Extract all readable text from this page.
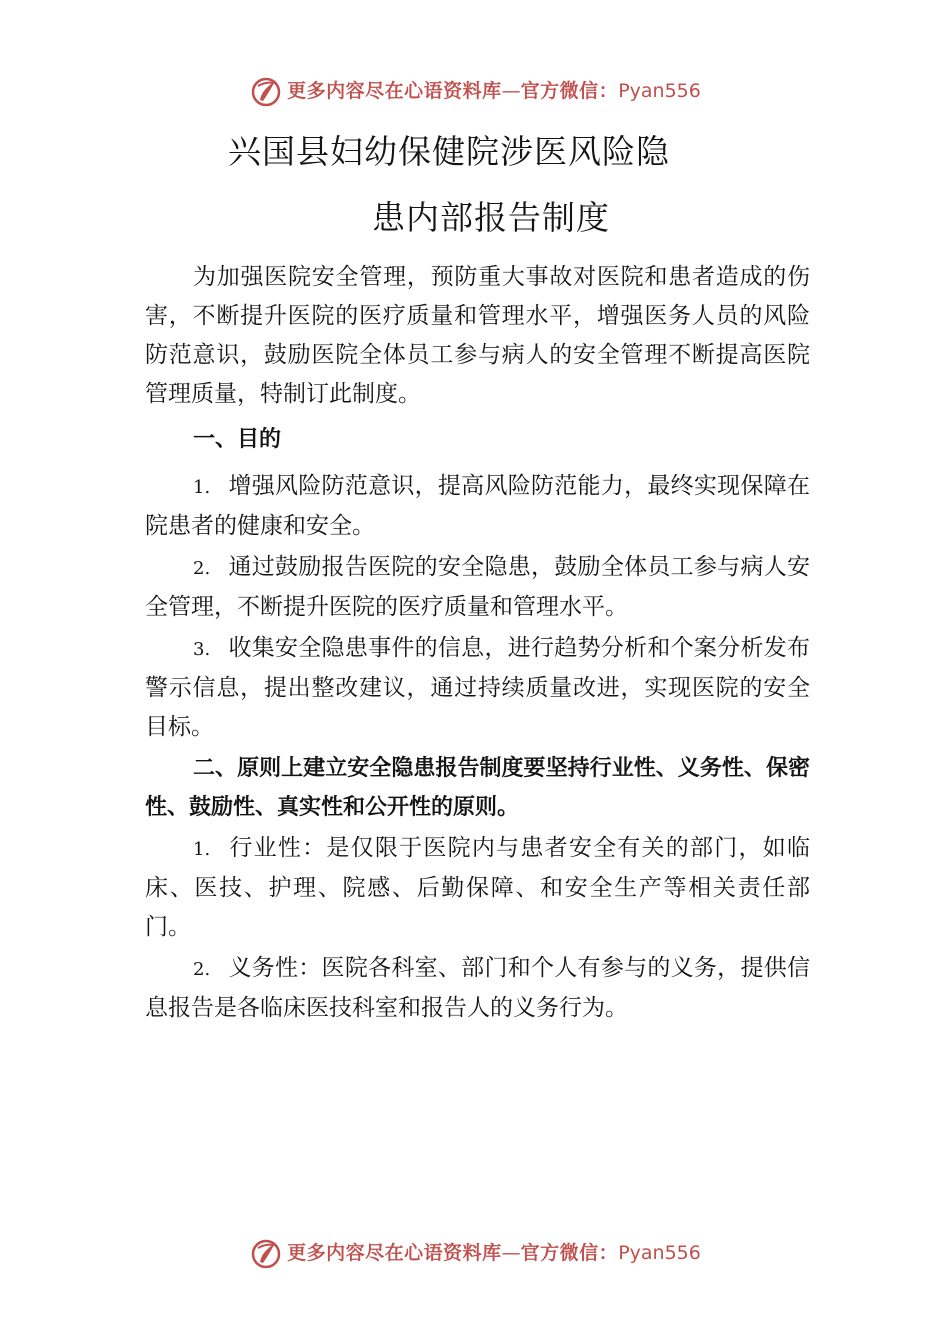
更多内容尽在心语资料库 — 官方微信： Pyan556
兴国县妇幼保健院涉医风险隐
患内部报告制度

为加强医院安全管理，预防重大事故对医院和患者造成的伤害，不断提升医院的医疗质量和管理水平，增强医务人员的风险防范意识，鼓励医院全体员工参与病人的安全管理不断提高医院管理质量，特制订此制度。

一、目的

1. 增强风险防范意识，提高风险防范能力，最终实现保障在院患者的健康和安全。

2. 通过鼓励报告医院的安全隐患，鼓励全体员工参与病人安全管理，不断提升医院的医疗质量和管理水平。

3. 收集安全隐患事件的信息，进行趋势分析和个案分析发布警示信息，提出整改建议，通过持续质量改进，实现医院的安全目标。

二、原则上建立安全隐患报告制度要坚持行业性、义务性、保密性、鼓励性、真实性和公开性的原则。

1. 行业性：是仅限于医院内与患者安全有关的部门，如临床、医技、护理、院感、后勤保障、和安全生产等相关责任部门。

2. 义务性：医院各科室、部门和个人有参与的义务，提供信息报告是各临床医技科室和报告人的义务行为。

更多内容尽在心语资料库 — 官方微信： Pyan556
